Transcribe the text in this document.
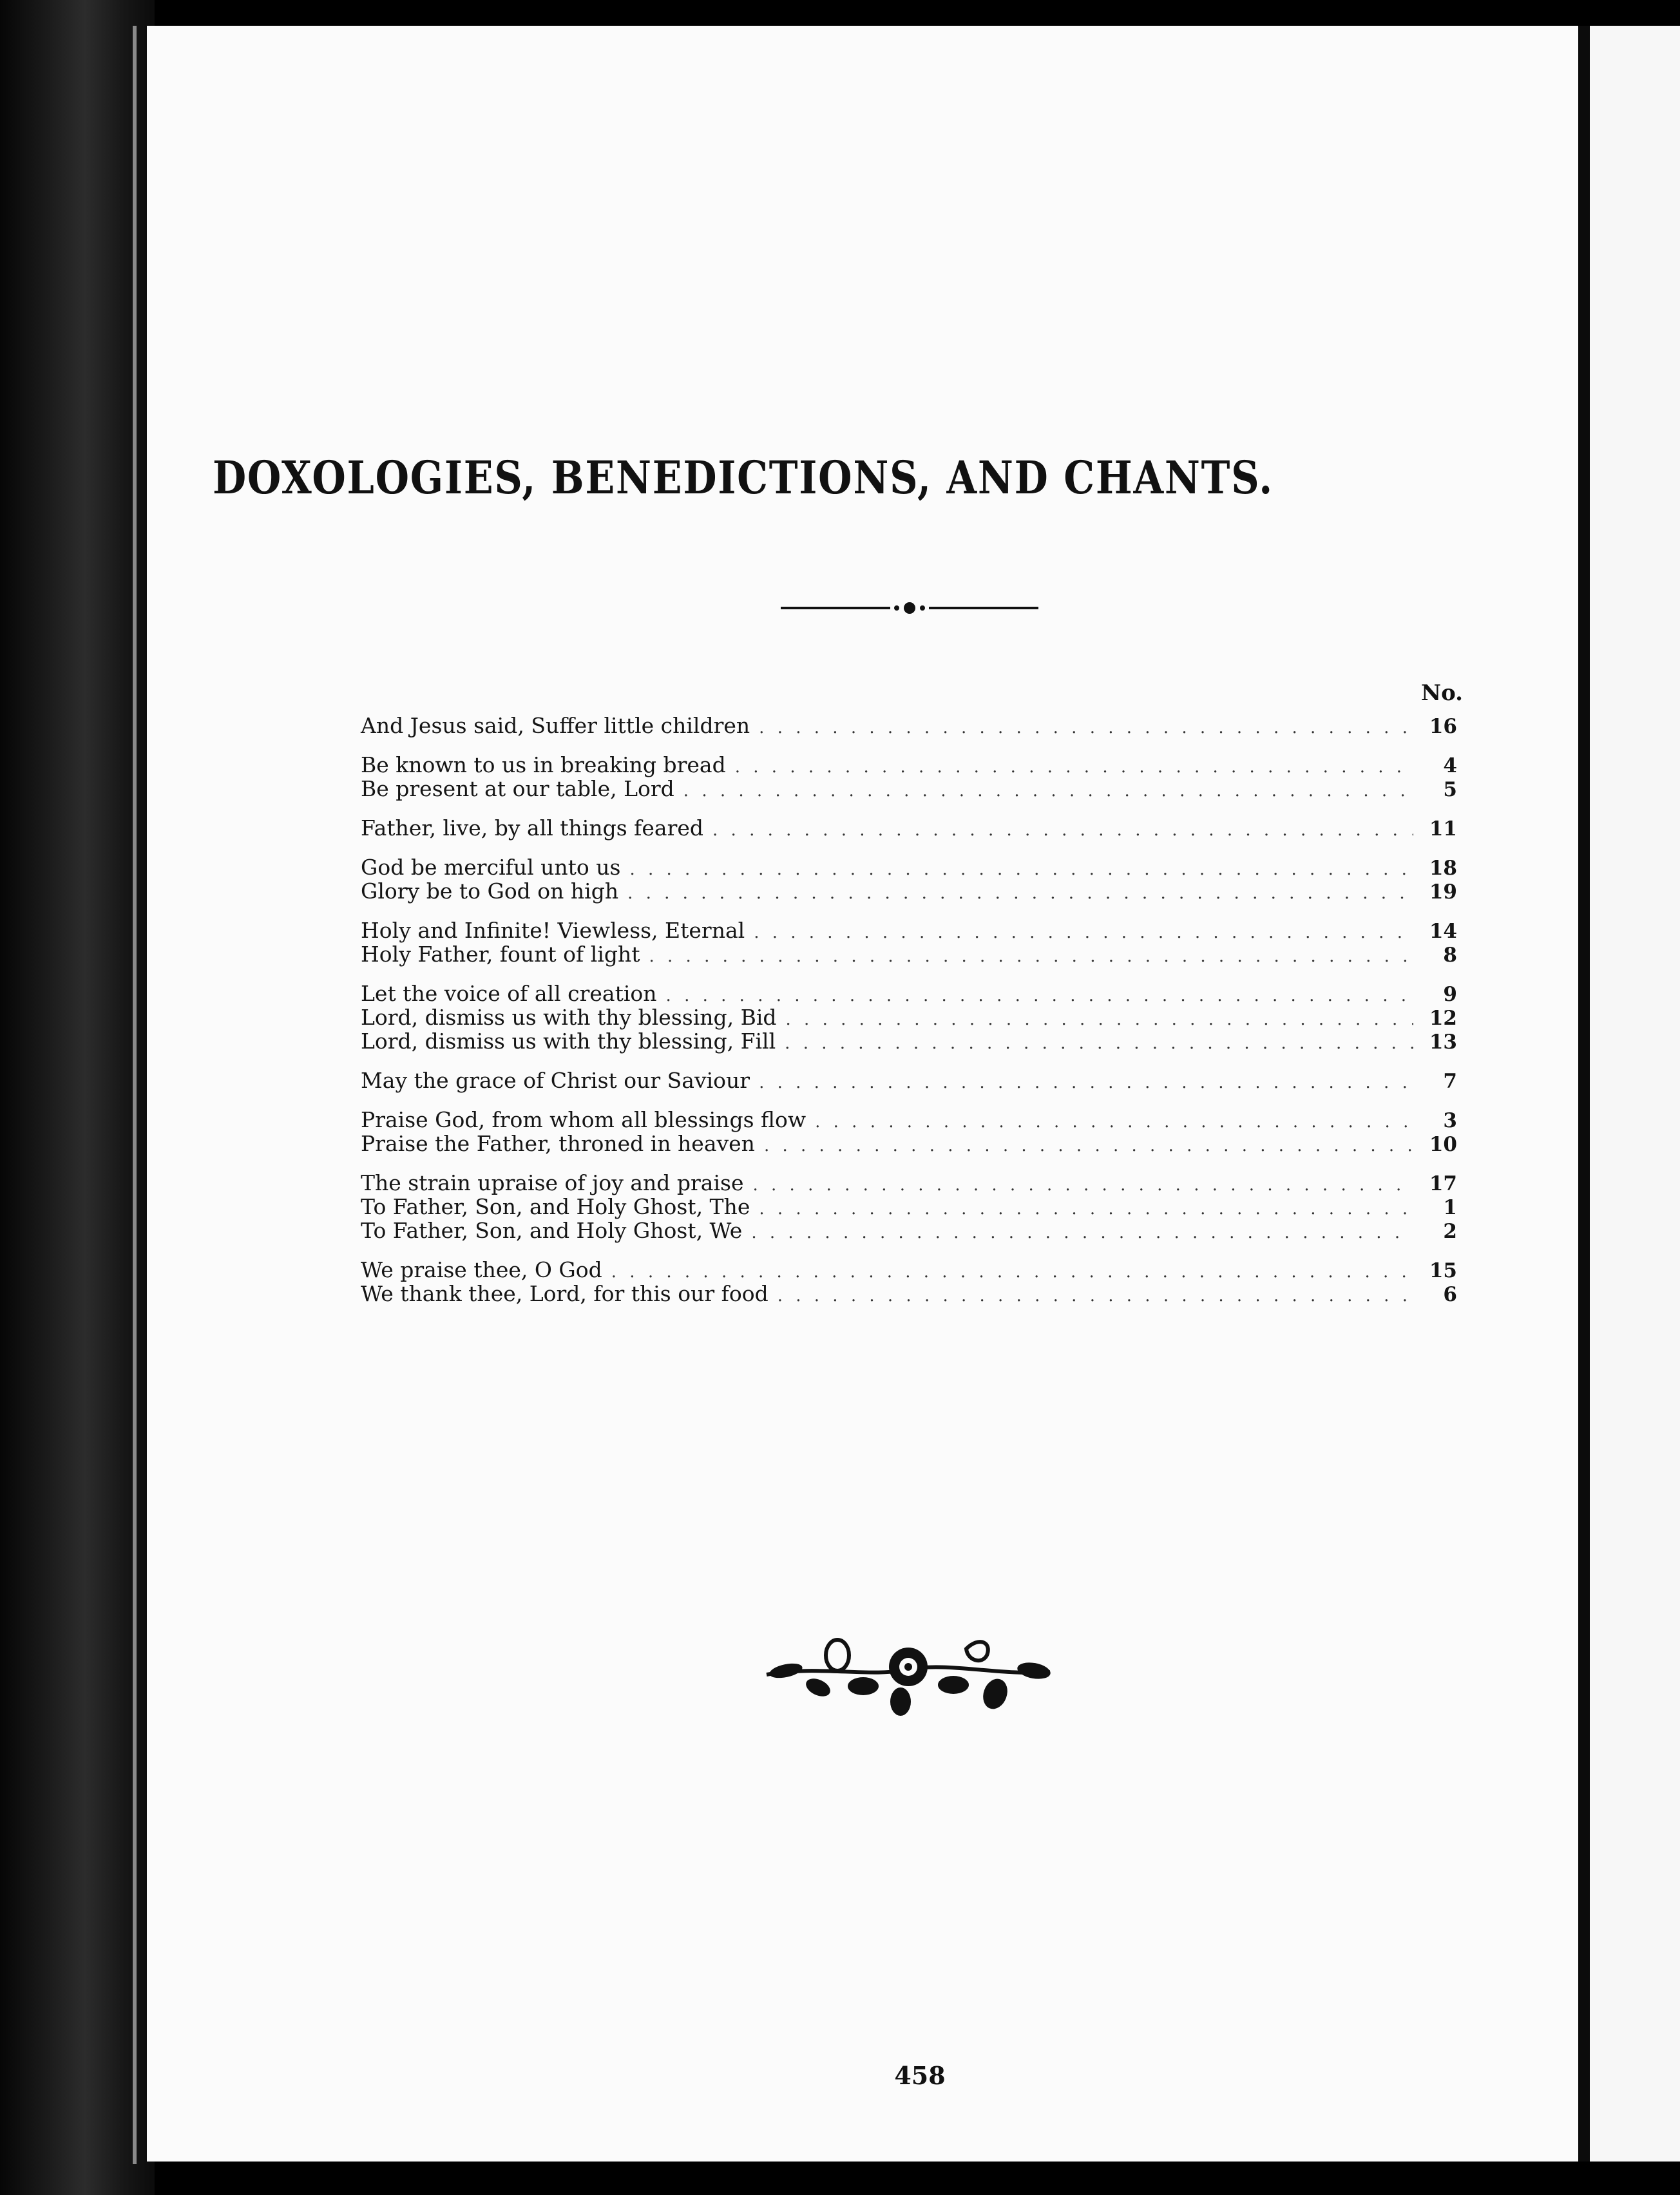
DOXOLOGIES, BENEDICTIONS, AND CHANTS.
No.
And Jesus said, Suffer little children . . .	16
Be known to us in breaking bread . . .	4
Be present at our table, Lord . . .	5
Father, live, by all things feared . . .	11
God be merciful unto us . . .	18
Glory be to God on high . . .	19
Holy and Infinite! Viewless, Eternal . . .	14
Holy Father, fount of light . . .	8
Let the voice of all creation . . .	9
Lord, dismiss us with thy blessing, Bid . . .	12
Lord, dismiss us with thy blessing, Fill . . .	13
May the grace of Christ our Saviour . . .	7
Praise God, from whom all blessings flow . . .	3
Praise the Father, throned in heaven . . .	10
The strain upraise of joy and praise . . .	17
To Father, Son, and Holy Ghost, The . . .	1
To Father, Son, and Holy Ghost, We . . .	2
We praise thee, O God . . .	15
We thank thee, Lord, for this our food . . .	6
458
